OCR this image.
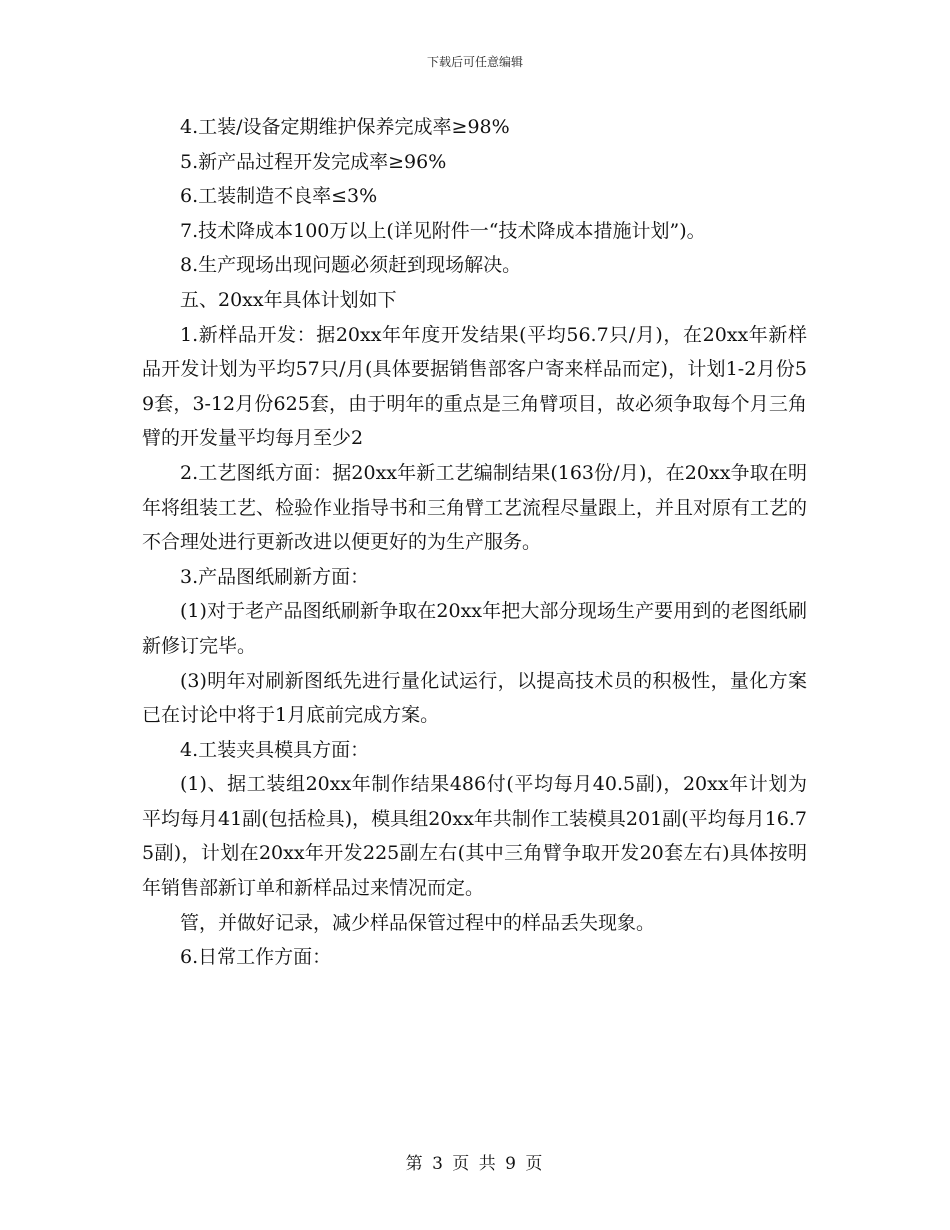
下载后可任意编辑

4.工装/设备定期维护保养完成率≥98%

5.新产品过程开发完成率≥96%

6.工装制造不良率≤3%

7.技术降成本100万以上(详见附件一“技术降成本措施计划”)。

8.生产现场出现问题必须赶到现场解决。

五、20xx年具体计划如下

1.新样品开发：据20xx年年度开发结果(平均56.7只/月)，在20xx年新样品开发计划为平均57只/月(具体要据销售部客户寄来样品而定)，计划1-2月份59套，3-12月份625套，由于明年的重点是三角臂项目，故必须争取每个月三角臂的开发量平均每月至少2

2.工艺图纸方面：据20xx年新工艺编制结果(163份/月)，在20xx争取在明年将组装工艺、检验作业指导书和三角臂工艺流程尽量跟上，并且对原有工艺的不合理处进行更新改进以便更好的为生产服务。

3.产品图纸刷新方面：

(1)对于老产品图纸刷新争取在20xx年把大部分现场生产要用到的老图纸刷新修订完毕。

(3)明年对刷新图纸先进行量化试运行，以提高技术员的积极性，量化方案已在讨论中将于1月底前完成方案。

4.工装夹具模具方面：

(1)、据工装组20xx年制作结果486付(平均每月40.5副)，20xx年计划为平均每月41副(包括检具)，模具组20xx年共制作工装模具201副(平均每月16.75副)，计划在20xx年开发225副左右(其中三角臂争取开发20套左右)具体按明年销售部新订单和新样品过来情况而定。

管，并做好记录，减少样品保管过程中的样品丢失现象。

6.日常工作方面：

第 3 页 共 9 页
